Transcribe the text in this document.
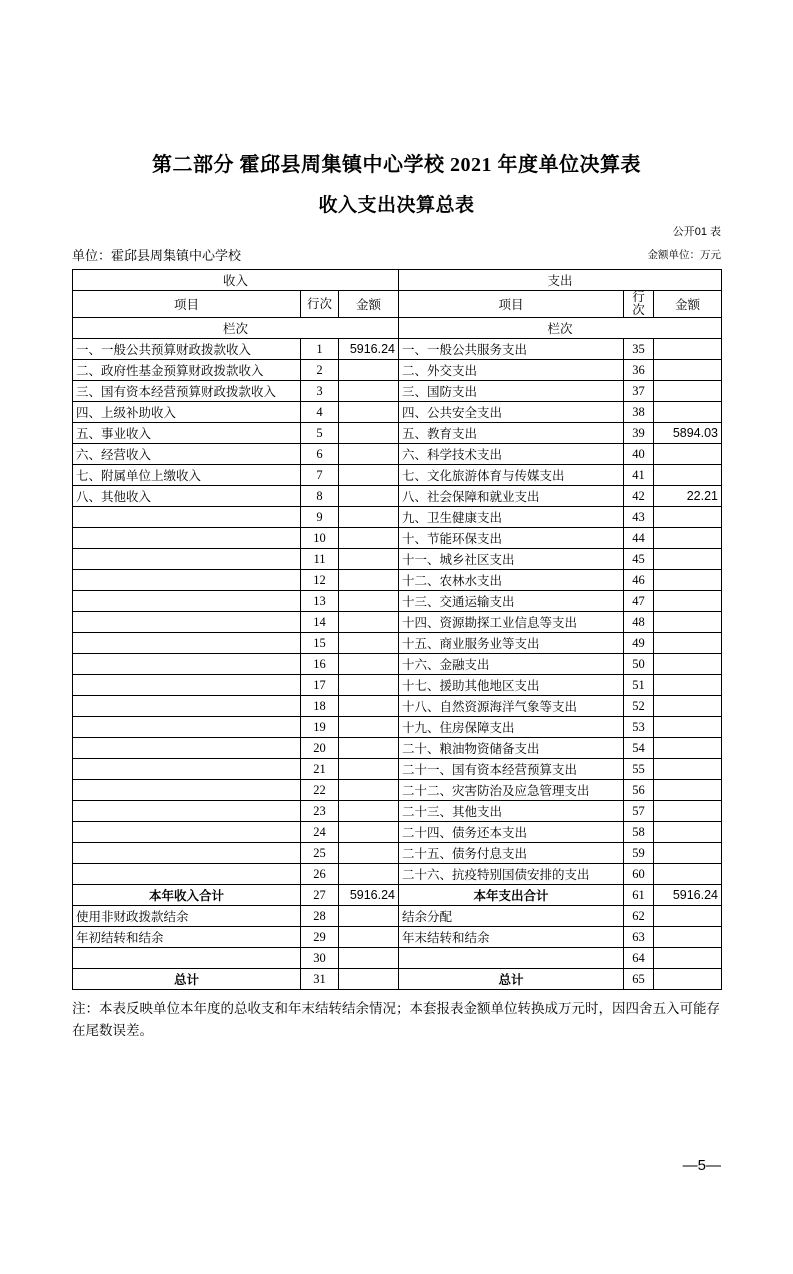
第二部分 霍邱县周集镇中心学校 2021 年度单位决算表
收入支出决算总表
公开01 表
单位：霍邱县周集镇中心学校	金额单位：万元
收入			支出		
项目	行次	金额	项目	行次	金额
栏次			栏次		
一、一般公共预算财政拨款收入	1	5916.24	一、一般公共服务支出	35	
二、政府性基金预算财政拨款收入	2		二、外交支出	36	
三、国有资本经营预算财政拨款收入	3		三、国防支出	37	
四、上级补助收入	4		四、公共安全支出	38	
五、事业收入	5		五、教育支出	39	5894.03
六、经营收入	6		六、科学技术支出	40	
七、附属单位上缴收入	7		七、文化旅游体育与传媒支出	41	
八、其他收入	8		八、社会保障和就业支出	42	22.21
	9		九、卫生健康支出	43	
	10		十、节能环保支出	44	
	11		十一、城乡社区支出	45	
	12		十二、农林水支出	46	
	13		十三、交通运输支出	47	
	14		十四、资源勘探工业信息等支出	48	
	15		十五、商业服务业等支出	49	
	16		十六、金融支出	50	
	17		十七、援助其他地区支出	51	
	18		十八、自然资源海洋气象等支出	52	
	19		十九、住房保障支出	53	
	20		二十、粮油物资储备支出	54	
	21		二十一、国有资本经营预算支出	55	
	22		二十二、灾害防治及应急管理支出	56	
	23		二十三、其他支出	57	
	24		二十四、债务还本支出	58	
	25		二十五、债务付息支出	59	
	26		二十六、抗疫特别国债安排的支出	60	
本年收入合计	27	5916.24	本年支出合计	61	5916.24
使用非财政拨款结余	28		结余分配	62	
年初结转和结余	29		年末结转和结余	63	
	30			64	
总计	31		总计	65	
注：本表反映单位本年度的总收支和年末结转结余情况；本套报表金额单位转换成万元时，因四舍五入可能存在尾数误差。
—5—
